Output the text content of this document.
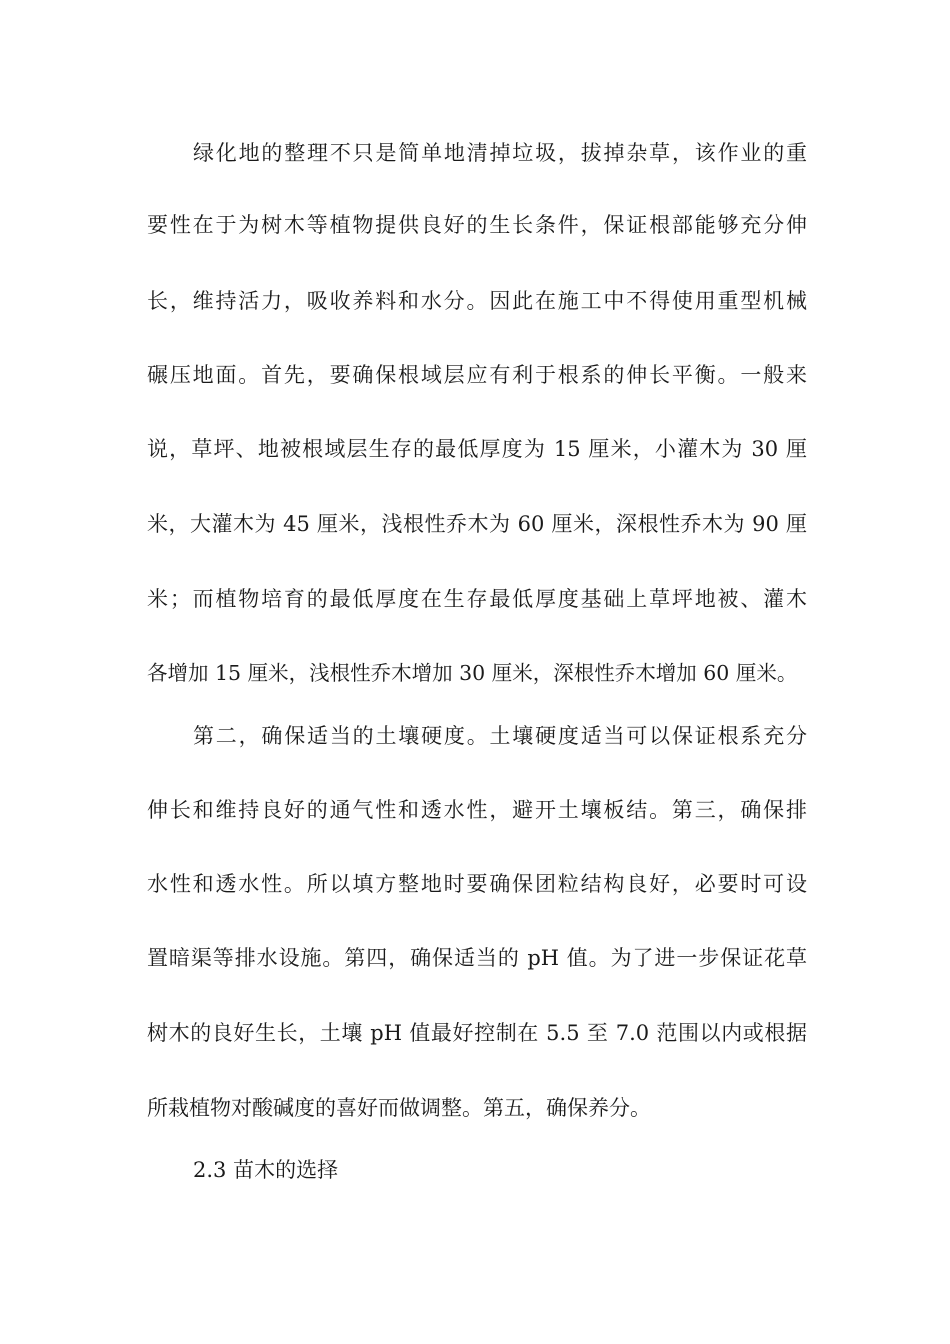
绿化地的整理不只是简单地清掉垃圾，拔掉杂草，该作业的重
要性在于为树木等植物提供良好的生长条件，保证根部能够充分伸
长，维持活力，吸收养料和水分。因此在施工中不得使用重型机械
碾压地面。首先，要确保根域层应有利于根系的伸长平衡。一般来
说，草坪、地被根域层生存的最低厚度为 15 厘米，小灌木为 30 厘
米，大灌木为 45 厘米，浅根性乔木为 60 厘米，深根性乔木为 90 厘
米；而植物培育的最低厚度在生存最低厚度基础上草坪地被、灌木
各增加 15 厘米，浅根性乔木增加 30 厘米，深根性乔木增加 60 厘米。
第二，确保适当的土壤硬度。土壤硬度适当可以保证根系充分
伸长和维持良好的通气性和透水性，避开土壤板结。第三，确保排
水性和透水性。所以填方整地时要确保团粒结构良好，必要时可设
置暗渠等排水设施。第四，确保适当的 pH 值。为了进一步保证花草
树木的良好生长，土壤 pH 值最好控制在 5.5 至 7.0 范围以内或根据
所栽植物对酸碱度的喜好而做调整。第五，确保养分。
2.3 苗木的选择
